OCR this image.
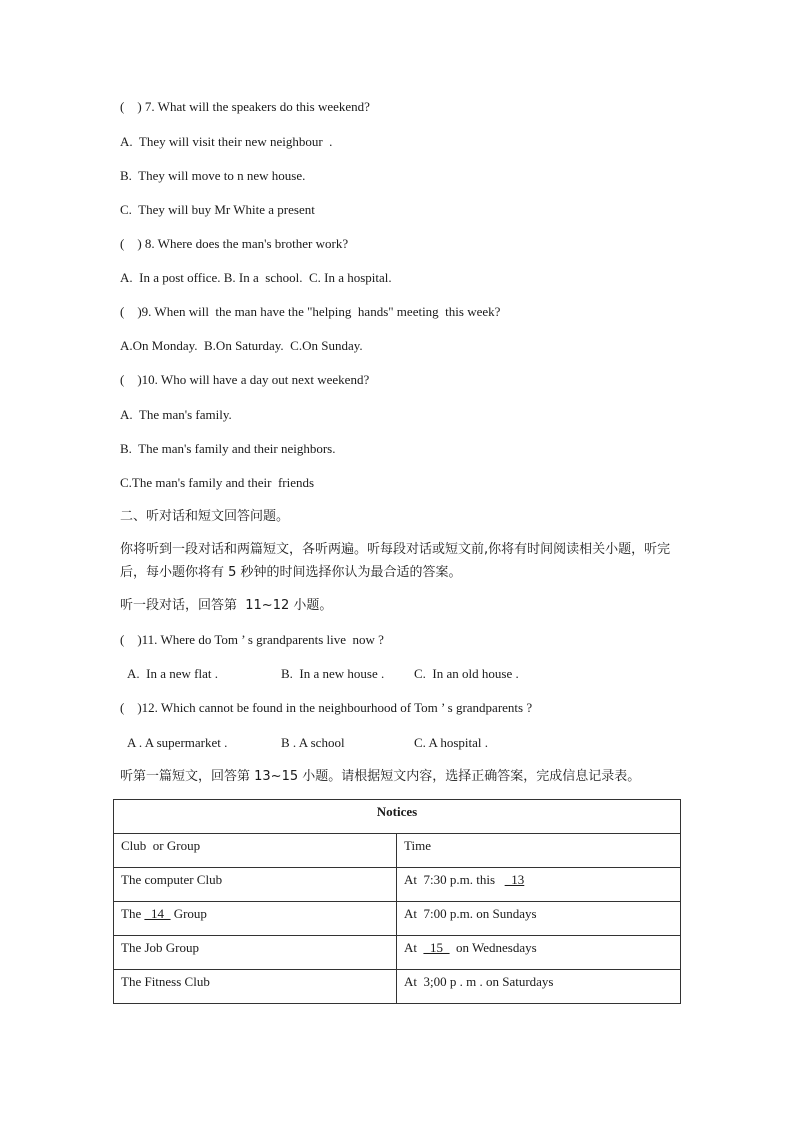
(    ) 7. What will the speakers do this weekend?
A.  They will visit their new neighbour  .
B.  They will move to n new house.
C.  They will buy Mr White a present
(    ) 8. Where does the man's brother work?
A.  In a post office. B. In a  school.  C. In a hospital.
(    )9. When will  the man have the "helping  hands" meeting  this week?
A.On Monday.  B.On Saturday.  C.On Sunday.
(    )10. Who will have a day out next weekend?
A.  The man's family.
B.  The man's family and their neighbors.
C.The man's family and their  friends
二、听对话和短文回答问题。
你将听到一段对话和两篇短文，各听两遍。听每段对话或短文前,你将有时间阅读相关小题，听完后，每小题你将有 5 秒钟的时间选择你认为最合适的答案。
听一段对话，回答第  11~12 小题。
(    )11. Where do Tom ’ s grandparents live  now ?
A.  In a new flat .	B.  In a new house . C.  In an old house .
(    )12. Which cannot be found in the neighbourhood of Tom ’ s grandparents ?
A . A supermarket .	B . A school	C. A hospital .
听第一篇短文，回答第 13~15 小题。请根据短文内容，选择正确答案，完成信息记录表。
Notices	
Club  or Group	Time
The computer Club	At  7:30 p.m. this   _13
The _14_ Group	At  7:00 p.m. on Sundays
The Job Group	At  _15_  on Wednesdays
The Fitness Club	At  3;00 p . m . on Saturdays
